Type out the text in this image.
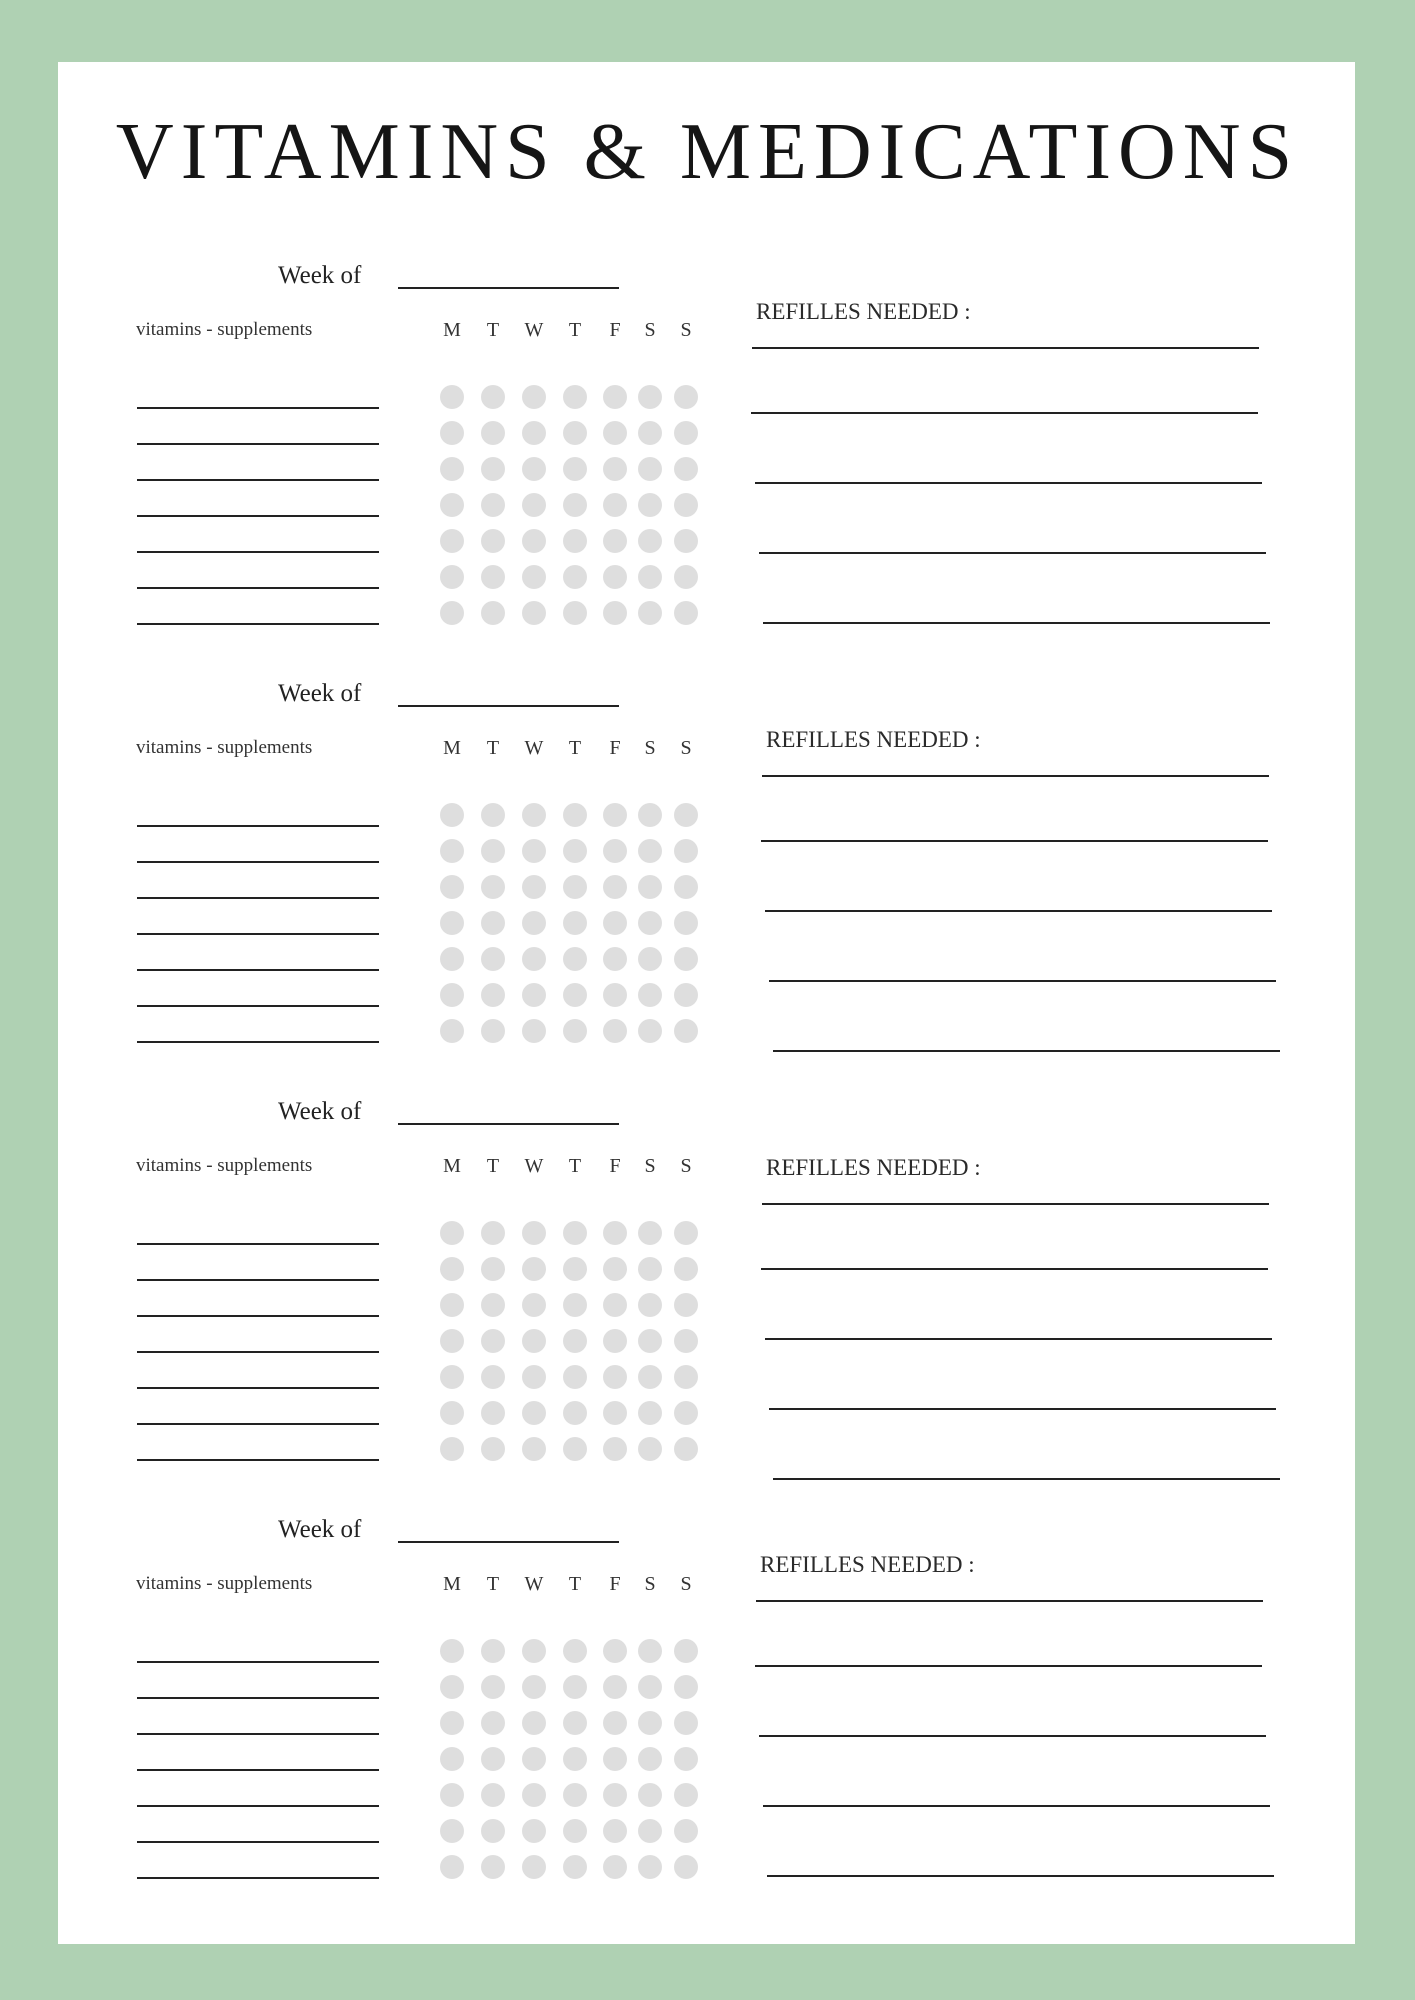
VITAMINS & MEDICATIONS
Week of
vitamins - supplements	M	T	W	T	F	S	S
REFILLES NEEDED :
Week of
vitamins - supplements	M	T	W	T	F	S	S	REFILLES NEEDED :
Week of
vitamins - supplements	M	T	W	T	F	S	S	REFILLES NEEDED :
Week of
vitamins - supplements	M	T	W	T	F	S	S
REFILLES NEEDED :
